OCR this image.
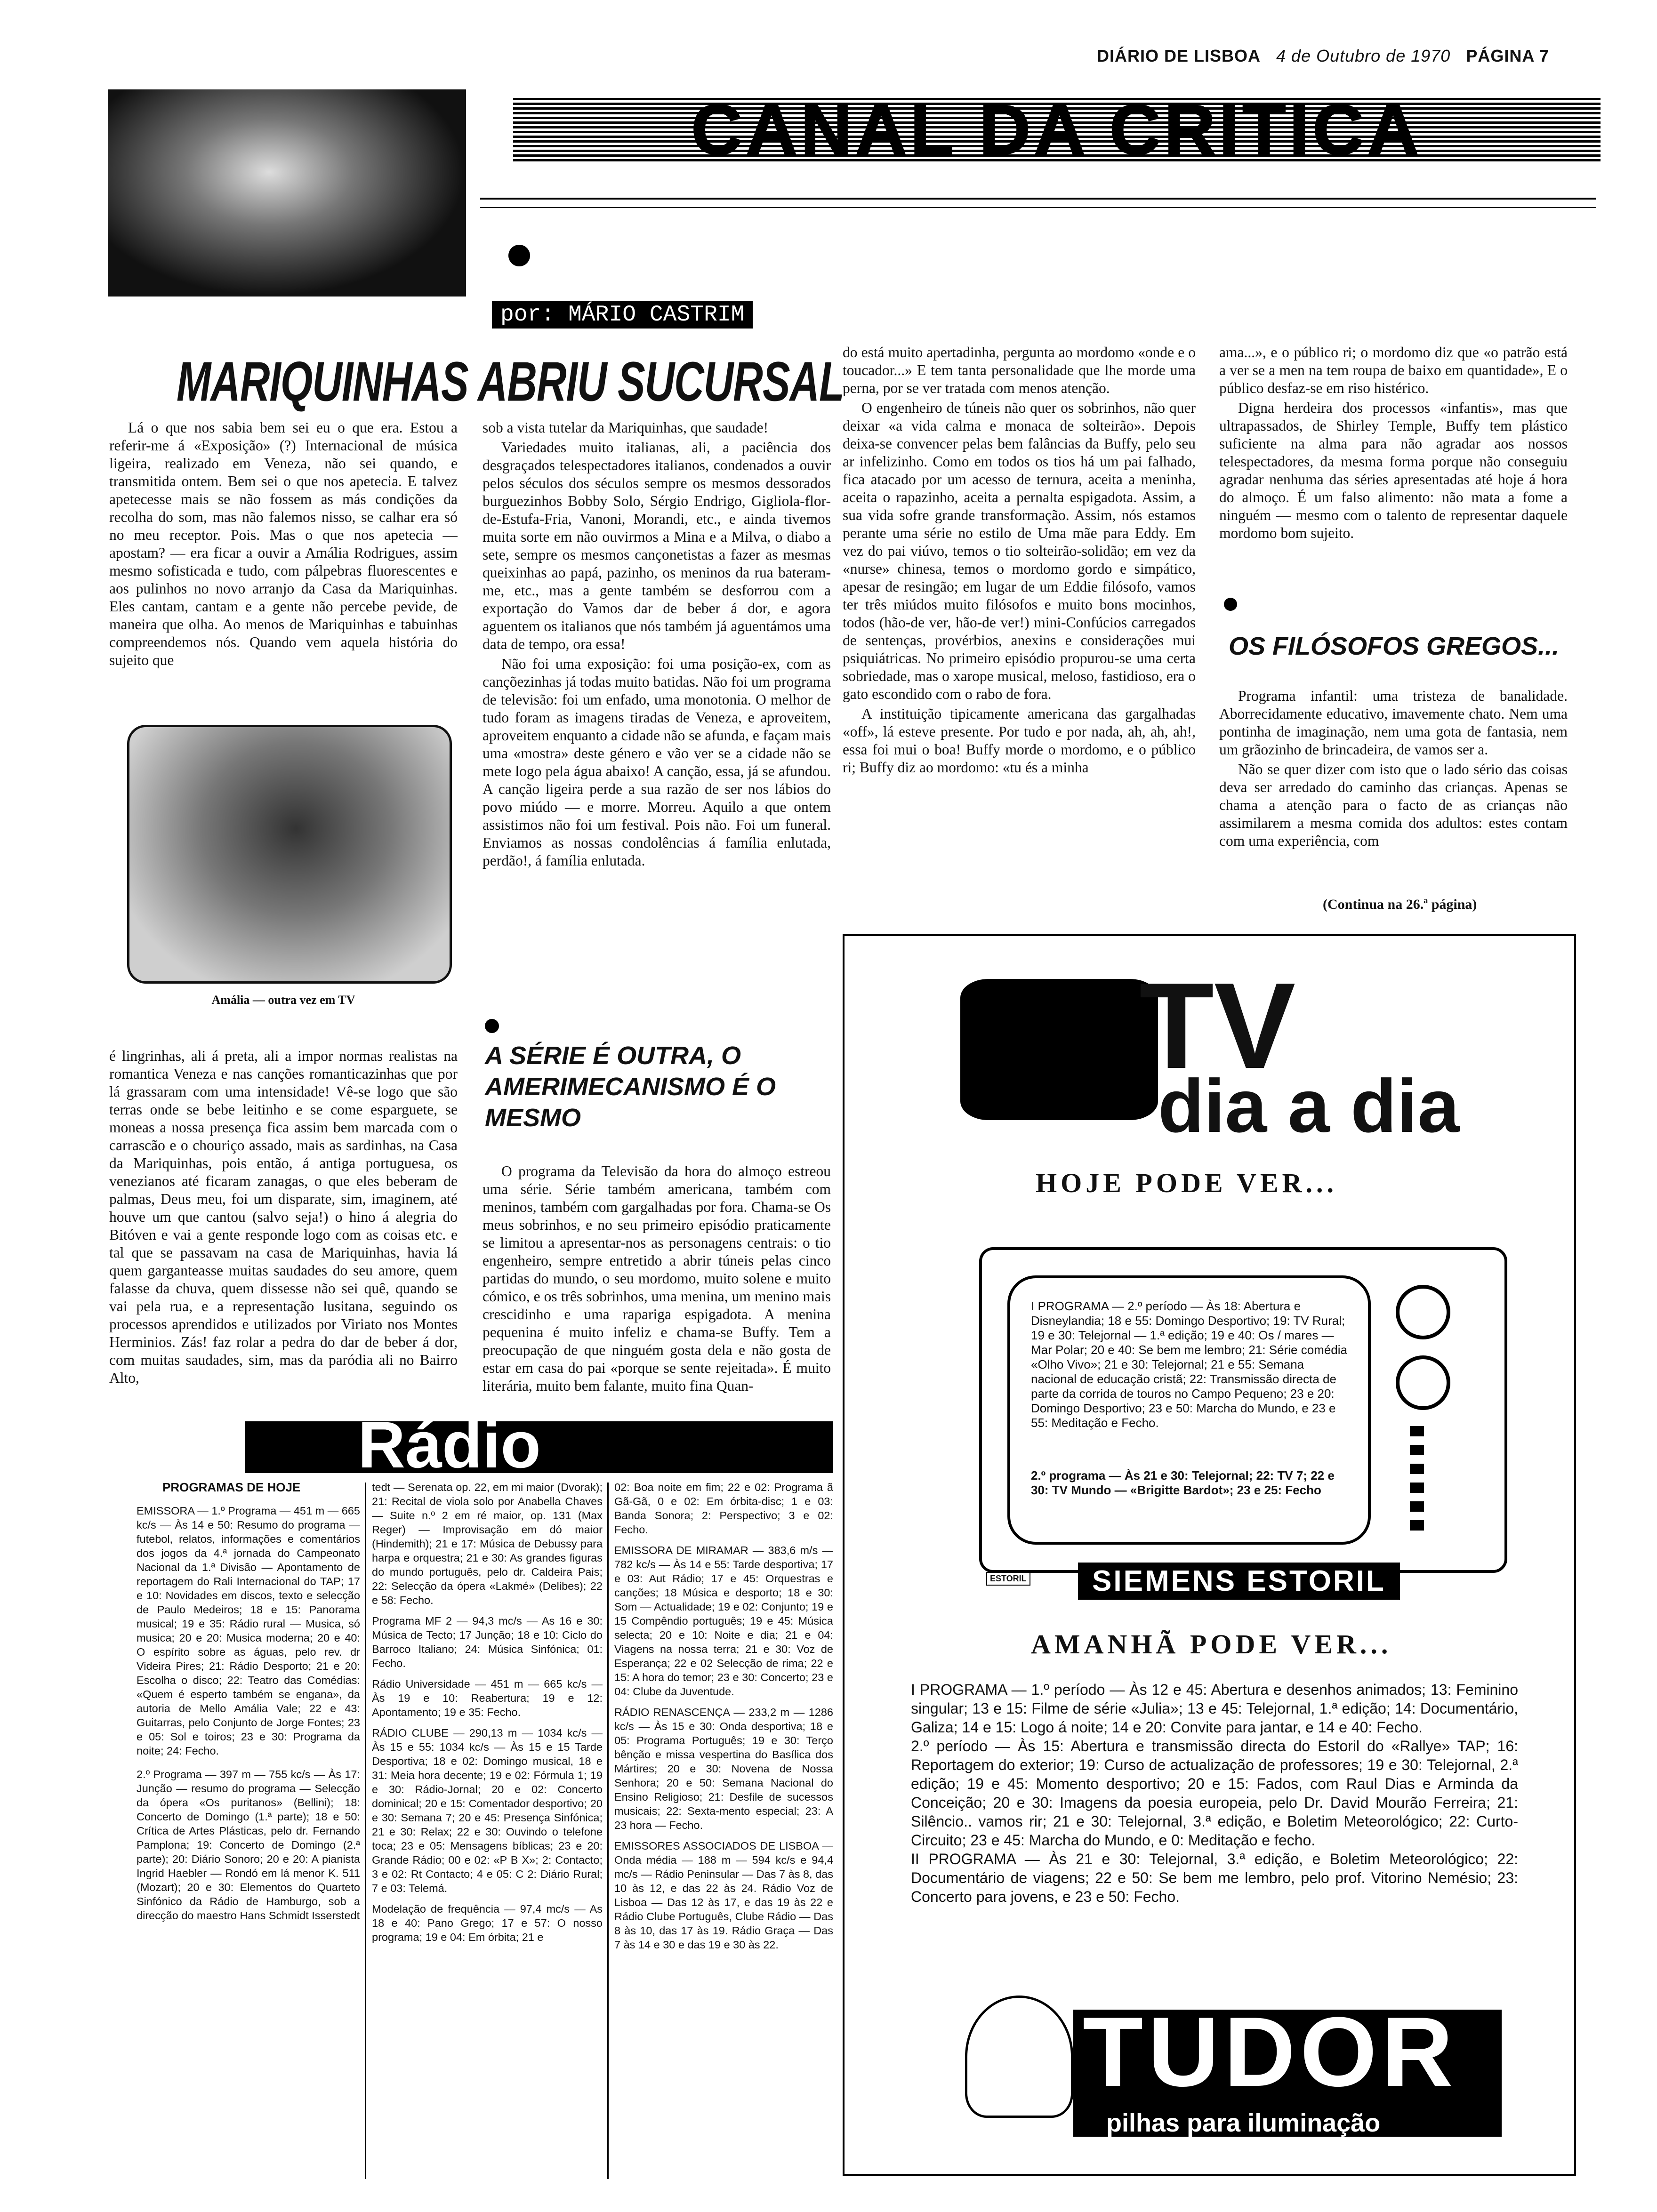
DIÁRIO DE LISBOA 4 de Outubro de 1970 PÁGINA 7
CANAL DA CRITICA
por: MÁRIO CASTRIM
MARIQUINHAS ABRIU SUCURSAL

Lá o que nos sabia bem sei eu o que era. Estou a referir-me á «Exposição» (?) Internacional de música ligeira, realizado em Veneza, não sei quando, e transmitida ontem. Bem sei o que nos apetecia. E talvez apetecesse mais se não fossem as más condições da recolha do som, mas não falemos nisso, se calhar era só no meu receptor. Pois. Mas o que nos apetecia — apostam? — era ficar a ouvir a Amália Rodrigues, assim mesmo sofisticada e tudo, com pálpebras fluorescentes e aos pulinhos no novo arranjo da Casa da Mariquinhas. Eles cantam, cantam e a gente não percebe pevide, de maneira que olha. Ao menos de Mariquinhas e tabuinhas compreendemos nós. Quando vem aquela história do sujeito que

Amália — outra vez em TV

é lingrinhas, ali á preta, ali a impor normas realistas na romantica Veneza e nas canções romanticazinhas que por lá grassaram com uma intensidade! Vê-se logo que são terras onde se bebe leitinho e se come esparguete, se moneas a nossa presença fica assim bem marcada com o carrascão e o chouriço assado, mais as sardinhas, na Casa da Mariquinhas, pois então, á antiga portuguesa, os venezianos até ficaram zanagas, o que eles beberam de palmas, Deus meu, foi um disparate, sim, imaginem, até houve um que cantou (salvo seja!) o hino á alegria do Bitóven e vai a gente responde logo com as coisas etc. e tal que se passavam na casa de Mariquinhas, havia lá quem garganteasse muitas saudades do seu amore, quem falasse da chuva, quem dissesse não sei quê, quando se vai pela rua, e a representação lusitana, seguindo os processos aprendidos e utilizados por Viriato nos Montes Herminios. Zás! faz rolar a pedra do dar de beber á dor, com muitas saudades, sim, mas da paródia ali no Bairro Alto,

sob a vista tutelar da Mariquinhas, que saudade!

Variedades muito italianas, ali, a paciência dos desgraçados telespectadores italianos, condenados a ouvir pelos séculos dos séculos sempre os mesmos dessorados burguezinhos Bobby Solo, Sérgio Endrigo, Gigliola-flor-de-Estufa-Fria, Vanoni, Morandi, etc., e ainda tivemos muita sorte em não ouvirmos a Mina e a Milva, o diabo a sete, sempre os mesmos cançonetistas a fazer as mesmas queixinhas ao papá, pazinho, os meninos da rua bateram-me, etc., mas a gente também se desforrou com a exportação do Vamos dar de beber á dor, e agora aguentem os italianos que nós também já aguentámos uma data de tempo, ora essa!

Não foi uma exposição: foi uma posição-ex, com as cançõezinhas já todas muito batidas. Não foi um programa de televisão: foi um enfado, uma monotonia. O melhor de tudo foram as imagens tiradas de Veneza, e aproveitem, aproveitem enquanto a cidade não se afunda, e façam mais uma «mostra» deste género e vão ver se a cidade não se mete logo pela água abaixo! A canção, essa, já se afundou. A canção ligeira perde a sua razão de ser nos lábios do povo miúdo — e morre. Morreu. Aquilo a que ontem assistimos não foi um festival. Pois não. Foi um funeral. Enviamos as nossas condolências á família enlutada, perdão!, á família enlutada.

A SÉRIE É OUTRA, O AMERIMECANISMO É O MESMO

O programa da Televisão da hora do almoço estreou uma série. Série também americana, também com meninos, também com gargalhadas por fora. Chama-se Os meus sobrinhos, e no seu primeiro episódio praticamente se limitou a apresentar-nos as personagens centrais: o tio engenheiro, sempre entretido a abrir túneis pelas cinco partidas do mundo, o seu mordomo, muito solene e muito cómico, e os três sobrinhos, uma menina, um menino mais crescidinho e uma rapariga espigadota. A menina pequenina é muito infeliz e chama-se Buffy. Tem a preocupação de que ninguém gosta dela e não gosta de estar em casa do pai «porque se sente rejeitada». É muito literária, muito bem falante, muito fina Quan-

do está muito apertadinha, pergunta ao mordomo «onde e o toucador...» E tem tanta personalidade que lhe morde uma perna, por se ver tratada com menos atenção.

O engenheiro de túneis não quer os sobrinhos, não quer deixar «a vida calma e monaca de solteirão». Depois deixa-se convencer pelas bem falâncias da Buffy, pelo seu ar infelizinho. Como em todos os tios há um pai falhado, fica atacado por um acesso de ternura, aceita a meninha, aceita o rapazinho, aceita a pernalta espigadota. Assim, a sua vida sofre grande transformação. Assim, nós estamos perante uma série no estilo de Uma mãe para Eddy. Em vez do pai viúvo, temos o tio solteirão-solidão; em vez da «nurse» chinesa, temos o mordomo gordo e simpático, apesar de resingão; em lugar de um Eddie filósofo, vamos ter três miúdos muito filósofos e muito bons mocinhos, todos (hão-de ver, hão-de ver!) mini-Confúcios carregados de sentenças, provérbios, anexins e considerações mui psiquiátricas. No primeiro episódio propurou-se uma certa sobriedade, mas o xarope musical, meloso, fastidioso, era o gato escondido com o rabo de fora.

A instituição tipicamente americana das gargalhadas «off», lá esteve presente. Por tudo e por nada, ah, ah, ah!, essa foi mui o boa! Buffy morde o mordomo, e o público ri; Buffy diz ao mordomo: «tu és a minha

ama...», e o público ri; o mordomo diz que «o patrão está a ver se a men na tem roupa de baixo em quantidade», E o público desfaz-se em riso histérico.

Digna herdeira dos processos «infantis», mas que ultrapassados, de Shirley Temple, Buffy tem plástico suficiente na alma para não agradar aos nossos telespectadores, da mesma forma porque não conseguiu agradar nenhuma das séries apresentadas até hoje á hora do almoço. É um falso alimento: não mata a fome a ninguém — mesmo com o talento de representar daquele mordomo bom sujeito.

OS FILÓSOFOS GREGOS...

Programa infantil: uma tristeza de banalidade. Aborrecidamente educativo, imavemente chato. Nem uma pontinha de imaginação, nem uma gota de fantasia, nem um grãozinho de brincadeira, de vamos ser a.

Não se quer dizer com isto que o lado sério das coisas deva ser arredado do caminho das crianças. Apenas se chama a atenção para o facto de as crianças não assimilarem a mesma comida dos adultos: estes contam com uma experiência, com

(Continua na 26.ª página)
TV
dia a dia
HOJE PODE VER...
I PROGRAMA — 2.º período — Às 18: Abertura e Disneylandia; 18 e 55: Domingo Desportivo; 19: TV Rural; 19 e 30: Telejornal — 1.ª edição; 19 e 40: Os / mares — Mar Polar; 20 e 40: Se bem me lembro; 21: Série comédia «Olho Vivo»; 21 e 30: Telejornal; 21 e 55: Semana nacional de educação cristã; 22: Transmissão directa de parte da corrida de touros no Campo Pequeno; 23 e 20: Domingo Desportivo; 23 e 50: Marcha do Mundo, e 23 e 55: Meditação e Fecho.
2.º programa — Às 21 e 30: Telejornal; 22: TV 7; 22 e 30: TV Mundo — «Brigitte Bardot»; 23 e 25: Fecho
ESTORIL	SIEMENS ESTORIL
AMANHÃ PODE VER...
I PROGRAMA — 1.º período — Às 12 e 45: Abertura e desenhos animados; 13: Feminino singular; 13 e 15: Filme de série «Julia»; 13 e 45: Telejornal, 1.ª edição; 14: Documentário, Galiza; 14 e 15: Logo á noite; 14 e 20: Convite para jantar, e 14 e 40: Fecho.
2.º período — Às 15: Abertura e transmissão directa do Estoril do «Rallye» TAP; 16: Reportagem do exterior; 19: Curso de actualização de professores; 19 e 30: Telejornal, 2.ª edição; 19 e 45: Momento desportivo; 20 e 15: Fados, com Raul Dias e Arminda da Conceição; 20 e 30: Imagens da poesia europeia, pelo Dr. David Mourão Ferreira; 21: Silêncio.. vamos rir; 21 e 30: Telejornal, 3.ª edição, e Boletim Meteorológico; 22: Curto-Circuito; 23 e 45: Marcha do Mundo, e 0: Meditação e fecho.
II PROGRAMA — Às 21 e 30: Telejornal, 3.ª edição, e Boletim Meteorológico; 22: Documentário de viagens; 22 e 50: Se bem me lembro, pelo prof. Vitorino Nemésio; 23: Concerto para jovens, e 23 e 50: Fecho.
TUDOR
pilhas para iluminação
Rádio
PROGRAMAS DE HOJE

EMISSORA — 1.º Programa — 451 m — 665 kc/s — Às 14 e 50: Resumo do programa — futebol, relatos, informações e comentários dos jogos da 4.ª jornada do Campeonato Nacional da 1.ª Divisão — Apontamento de reportagem do Rali Internacional do TAP; 17 e 10: Novidades em discos, texto e selecção de Paulo Medeiros; 18 e 15: Panorama musical; 19 e 35: Rádio rural — Musica, só musica; 20 e 20: Musica moderna; 20 e 40: O espírito sobre as águas, pelo rev. dr Videira Pires; 21: Rádio Desporto; 21 e 20: Escolha o disco; 22: Teatro das Comédias: «Quem é esperto também se engana», da autoria de Mello Amália Vale; 22 e 43: Guitarras, pelo Conjunto de Jorge Fontes; 23 e 05: Sol e toiros; 23 e 30: Programa da noite; 24: Fecho.

2.º Programa — 397 m — 755 kc/s — Às 17: Junção — resumo do programa — Selecção da ópera «Os puritanos» (Bellini); 18: Concerto de Domingo (1.ª parte); 18 e 50: Crítica de Artes Plásticas, pelo dr. Fernando Pamplona; 19: Concerto de Domingo (2.ª parte); 20: Diário Sonoro; 20 e 20: A pianista Ingrid Haebler — Rondó em lá menor K. 511 (Mozart); 20 e 30: Elementos do Quarteto Sinfónico da Rádio de Hamburgo, sob a direcção do maestro Hans Schmidt Isserstedt

tedt — Serenata op. 22, em mi maior (Dvorak); 21: Recital de viola solo por Anabella Chaves — Suite n.º 2 em ré maior, op. 131 (Max Reger) — Improvisação em dó maior (Hindemith); 21 e 17: Música de Debussy para harpa e orquestra; 21 e 30: As grandes figuras do mundo português, pelo dr. Caldeira Pais; 22: Selecção da ópera «Lakmé» (Delibes); 22 e 58: Fecho.

Programa MF 2 — 94,3 mc/s — As 16 e 30: Música de Tecto; 17 Junção; 18 e 10: Ciclo do Barroco Italiano; 24: Música Sinfónica; 01: Fecho.

Rádio Universidade — 451 m — 665 kc/s — Às 19 e 10: Reabertura; 19 e 12: Apontamento; 19 e 35: Fecho.

RÁDIO CLUBE — 290,13 m — 1034 kc/s — Às 15 e 55: 1034 kc/s — Às 15 e 15 Tarde Desportiva; 18 e 02: Domingo musical, 18 e 31: Meia hora decente; 19 e 02: Fórmula 1; 19 e 30: Rádio-Jornal; 20 e 02: Concerto dominical; 20 e 15: Comentador desportivo; 20 e 30: Semana 7; 20 e 45: Presença Sinfónica; 21 e 30: Relax; 22 e 30: Ouvindo o telefone toca; 23 e 05: Mensagens bíblicas; 23 e 20: Grande Rádio; 00 e 02: «P B X»; 2: Contacto; 3 e 02: Rt Contacto; 4 e 05: C 2: Diário Rural; 7 e 03: Telemá.

Modelação de frequência — 97,4 mc/s — As 18 e 40: Pano Grego; 17 e 57: O nosso programa; 19 e 04: Em órbita; 21 e

02: Boa noite em fim; 22 e 02: Programa ã Gã-Gã, 0 e 02: Em órbita-disc; 1 e 03: Banda Sonora; 2: Perspectivo; 3 e 02: Fecho.

EMISSORA DE MIRAMAR — 383,6 m/s — 782 kc/s — Às 14 e 55: Tarde desportiva; 17 e 03: Aut Rádio; 17 e 45: Orquestras e canções; 18 Música e desporto; 18 e 30: Som — Actualidade; 19 e 02: Conjunto; 19 e 15 Compêndio português; 19 e 45: Música selecta; 20 e 10: Noite e dia; 21 e 04: Viagens na nossa terra; 21 e 30: Voz de Esperança; 22 e 02 Selecção de rima; 22 e 15: A hora do temor; 23 e 30: Concerto; 23 e 04: Clube da Juventude.

RÁDIO RENASCENÇA — 233,2 m — 1286 kc/s — Às 15 e 30: Onda desportiva; 18 e 05: Programa Português; 19 e 30: Terço bênção e missa vespertina do Basílica dos Mártires; 20 e 30: Novena de Nossa Senhora; 20 e 50: Semana Nacional do Ensino Religioso; 21: Desfile de sucessos musicais; 22: Sexta-mento especial; 23: A 23 hora — Fecho.

EMISSORES ASSOCIADOS DE LISBOA — Onda média — 188 m — 594 kc/s e 94,4 mc/s — Rádio Peninsular — Das 7 às 8, das 10 às 12, e das 22 às 24. Rádio Voz de Lisboa — Das 12 às 17, e das 19 às 22 e Rádio Clube Português, Clube Rádio — Das 8 às 10, das 17 às 19. Rádio Graça — Das 7 às 14 e 30 e das 19 e 30 às 22.
